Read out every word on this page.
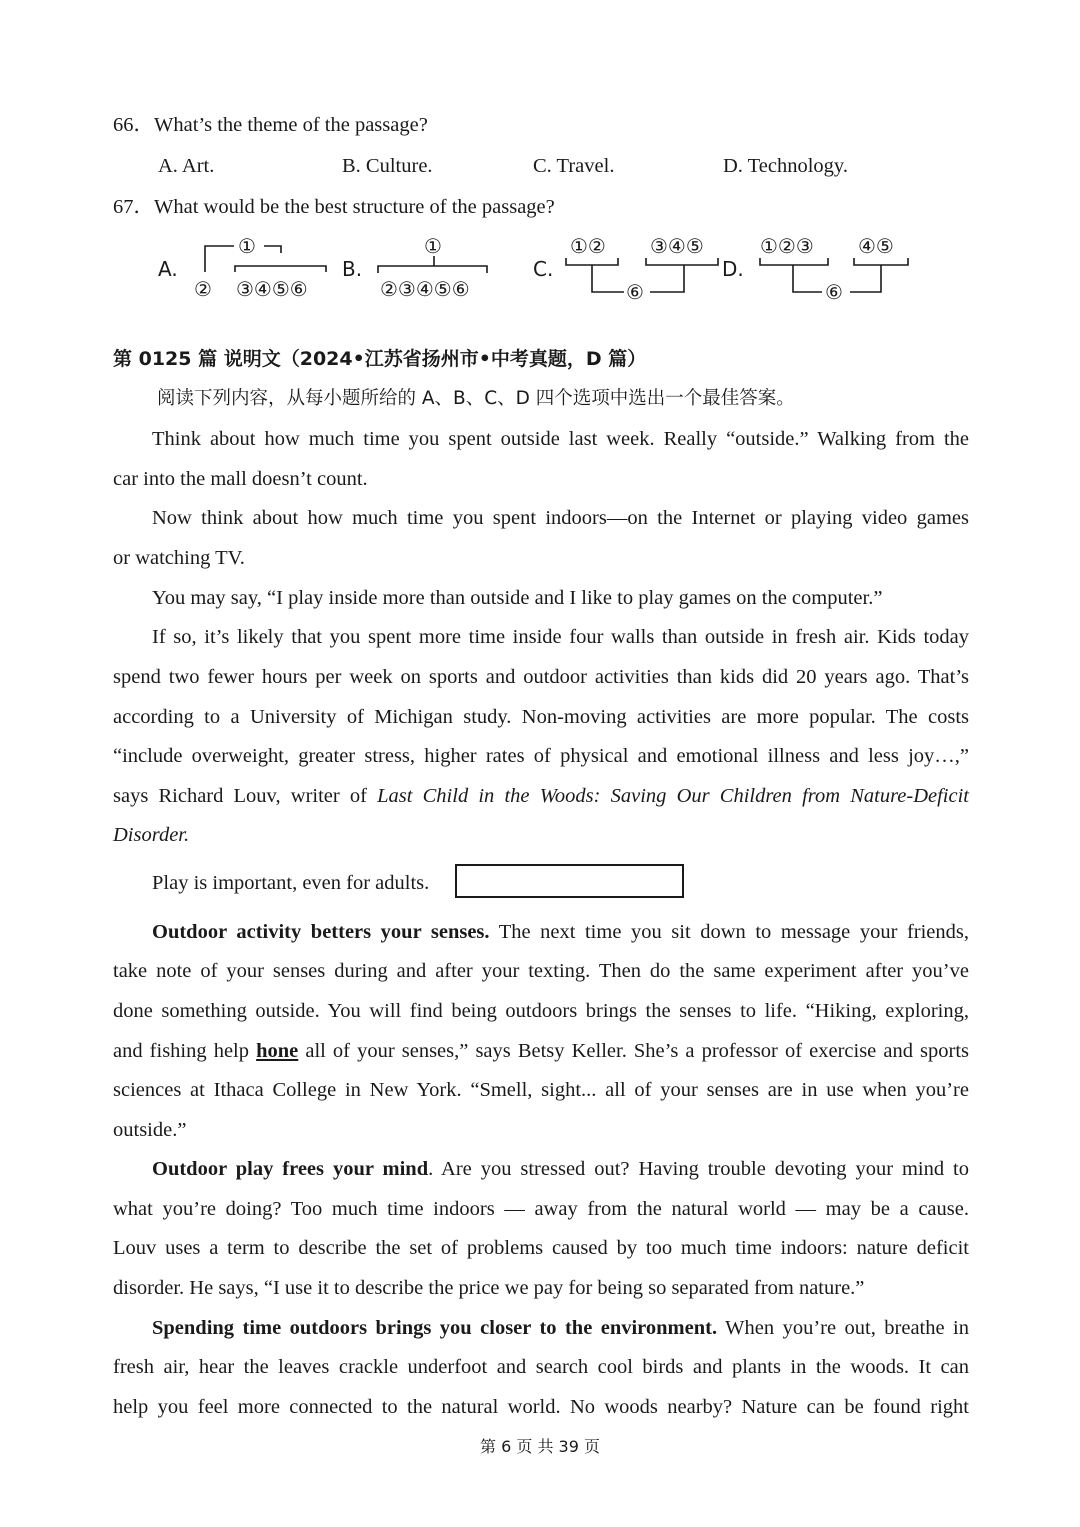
66．What’s the theme of the passage?
A. Art.	B. Culture.	C. Travel.	D. Technology.
67．What would be the best structure of the passage?
A.
①
② ③④⑤⑥
B.
①
②③④⑤⑥
C.
①② ③④⑤
⑥
D.
①②③ ④⑤
⑥
第 0125 篇 说明文（2024•江苏省扬州市•中考真题，D 篇）
阅读下列内容，从每小题所给的 A、B、C、D 四个选项中选出一个最佳答案。
Think about how much time you spent outside last week. Really “outside.” Walking from the
car into the mall doesn’t count.
Now think about how much time you spent indoors—on the Internet or playing video games
or watching TV.
You may say, “I play inside more than outside and I like to play games on the computer.”
If so, it’s likely that you spent more time inside four walls than outside in fresh air. Kids today
spend two fewer hours per week on sports and outdoor activities than kids did 20 years ago. That’s
according to a University of Michigan study. Non-moving activities are more popular. The costs
“include overweight, greater stress, higher rates of physical and emotional illness and less joy…,”
says Richard Louv, writer of Last Child in the Woods: Saving Our Children from Nature-Deficit
Disorder.
Play is important, even for adults.
Outdoor activity betters your senses. The next time you sit down to message your friends,
take note of your senses during and after your texting. Then do the same experiment after you’ve
done something outside. You will find being outdoors brings the senses to life. “Hiking, exploring,
and fishing help hone all of your senses,” says Betsy Keller. She’s a professor of exercise and sports
sciences at Ithaca College in New York. “Smell, sight... all of your senses are in use when you’re
outside.”
Outdoor play frees your mind. Are you stressed out? Having trouble devoting your mind to
what you’re doing? Too much time indoors — away from the natural world — may be a cause.
Louv uses a term to describe the set of problems caused by too much time indoors: nature deficit
disorder. He says, “I use it to describe the price we pay for being so separated from nature.”
Spending time outdoors brings you closer to the environment. When you’re out, breathe in
fresh air, hear the leaves crackle underfoot and search cool birds and plants in the woods. It can
help you feel more connected to the natural world. No woods nearby? Nature can be found right
第 6 页 共 39 页
